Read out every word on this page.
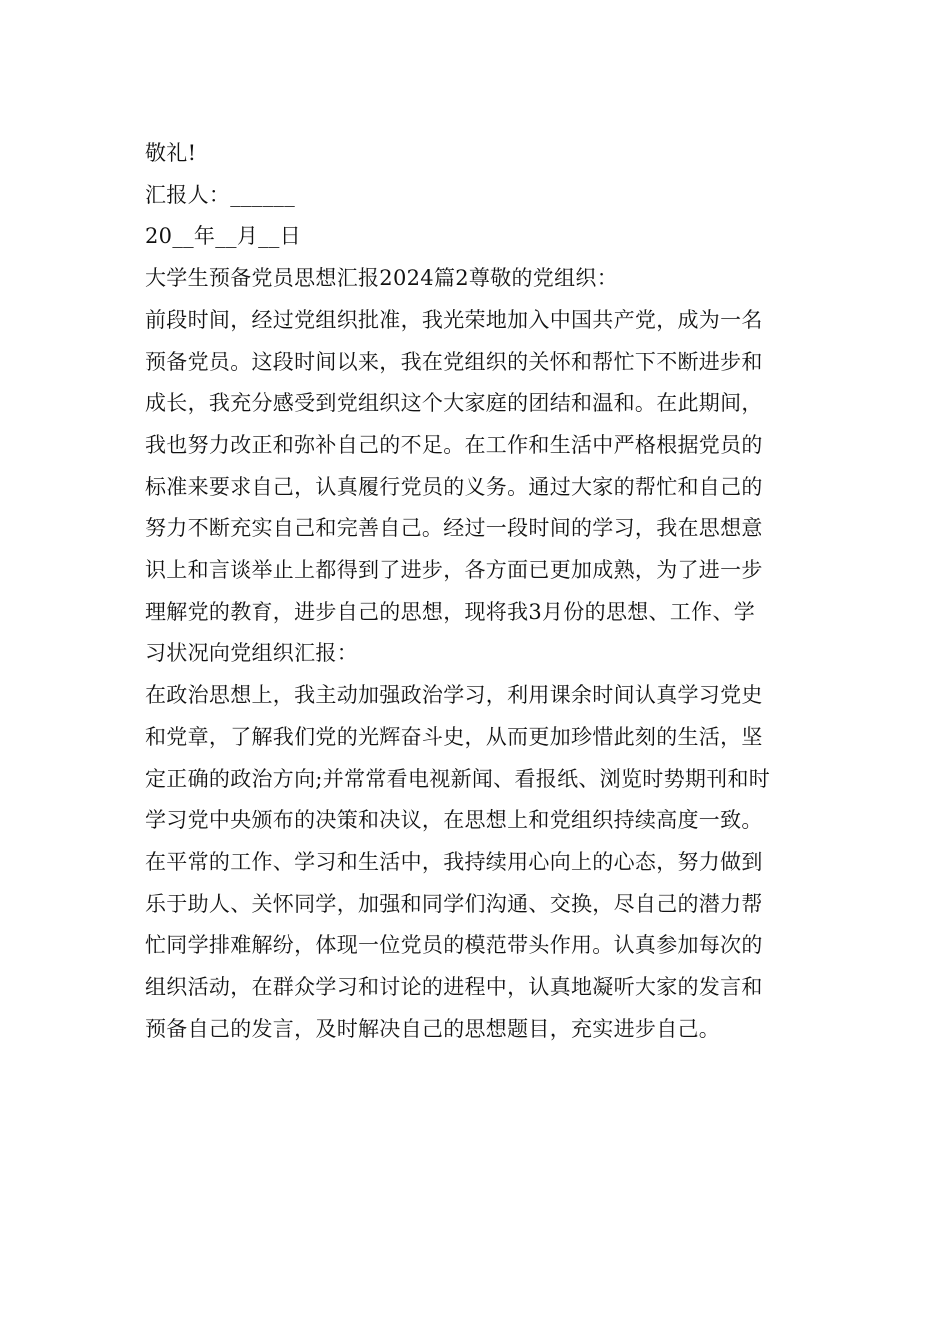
敬礼!

汇报人：______

20__年__月__日

大学生预备党员思想汇报2024篇2尊敬的党组织：

前段时间，经过党组织批准，我光荣地加入中国共产党，成为一名

预备党员。这段时间以来，我在党组织的关怀和帮忙下不断进步和

成长，我充分感受到党组织这个大家庭的团结和温和。在此期间，

我也努力改正和弥补自己的不足。在工作和生活中严格根据党员的

标准来要求自己，认真履行党员的义务。通过大家的帮忙和自己的

努力不断充实自己和完善自己。经过一段时间的学习，我在思想意

识上和言谈举止上都得到了进步，各方面已更加成熟，为了进一步

理解党的教育，进步自己的思想，现将我3月份的思想、工作、学

习状况向党组织汇报：

在政治思想上，我主动加强政治学习，利用课余时间认真学习党史

和党章，了解我们党的光辉奋斗史，从而更加珍惜此刻的生活，坚

定正确的政治方向;并常常看电视新闻、看报纸、浏览时势期刊和时

学习党中央颁布的决策和决议，在思想上和党组织持续高度一致。

在平常的工作、学习和生活中，我持续用心向上的心态，努力做到

乐于助人、关怀同学，加强和同学们沟通、交换，尽自己的潜力帮

忙同学排难解纷，体现一位党员的模范带头作用。认真参加每次的

组织活动，在群众学习和讨论的进程中，认真地凝听大家的发言和

预备自己的发言，及时解决自己的思想题目，充实进步自己。
